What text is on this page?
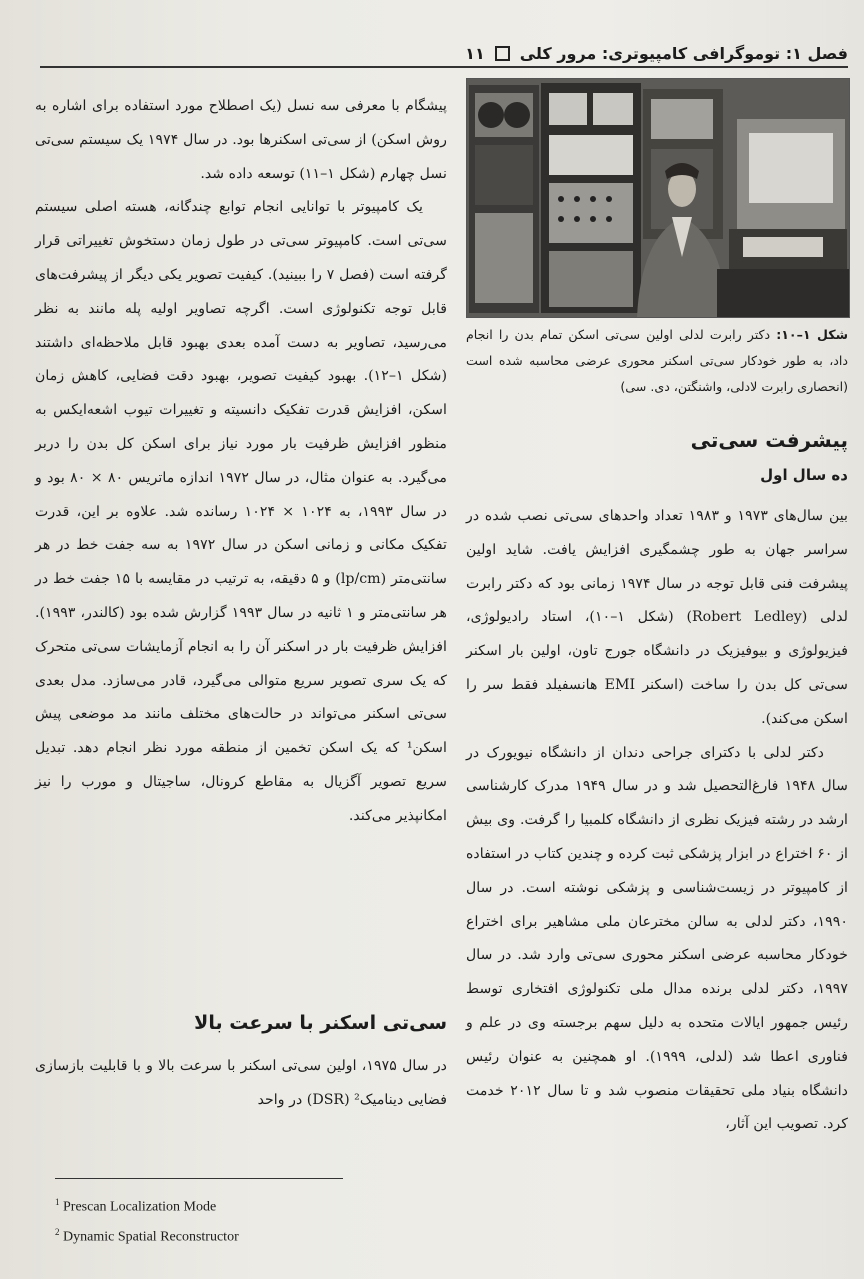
فصل ۱: توموگرافی کامپیوتری: مرور کلی
۱۱

پیشگام با معرفی سه نسل (یک اصطلاح مورد استفاده برای اشاره به روش اسکن) از سی‌تی اسکنرها بود. در سال ۱۹۷۴ یک سیستم سی‌تی نسل چهارم (شکل ۱–۱۱) توسعه داده شد.

یک کامپیوتر با توانایی انجام توابع چندگانه، هسته اصلی سیستم سی‌تی است. کامپیوتر سی‌تی در طول زمان دستخوش تغییراتی قرار گرفته است (فصل ۷ را ببینید). کیفیت تصویر یکی دیگر از پیشرفت‌های قابل توجه تکنولوژی است. اگرچه تصاویر اولیه پله مانند به نظر می‌رسید، تصاویر به دست آمده بعدی بهبود قابل ملاحظه‌ای داشتند (شکل ۱–۱۲). بهبود کیفیت تصویر، بهبود دقت فضایی، کاهش زمان اسکن، افزایش قدرت تفکیک دانسیته و تغییرات تیوب اشعه‌ایکس به منظور افزایش ظرفیت بار مورد نیاز برای اسکن کل بدن را دربر می‌گیرد. به عنوان مثال، در سال ۱۹۷۲ اندازه ماتریس ۸۰ × ۸۰ بود و در سال ۱۹۹۳، به ۱۰۲۴ × ۱۰۲۴ رسانده شد. علاوه بر این، قدرت تفکیک مکانی و زمانی اسکن در سال ۱۹۷۲ به سه جفت خط در هر سانتی‌متر (lp/cm) و ۵ دقیقه، به ترتیب در مقایسه با ۱۵ جفت خط در هر سانتی‌متر و ۱ ثانیه در سال ۱۹۹۳ گزارش شده بود (کالندر، ۱۹۹۳). افزایش ظرفیت بار در اسکنر آن را به انجام آزمایشات سی‌تی متحرک که یک سری تصویر سریع متوالی می‌گیرد، قادر می‌سازد. مدل بعدی سی‌تی اسکنر می‌تواند در حالت‌های مختلف مانند مد موضعی پیش اسکن¹ که یک اسکن تخمین از منطقه مورد نظر انجام دهد. تبدیل سریع تصویر آگزیال به مقاطع کرونال، ساجیتال و مورب را نیز امکانپذیر می‌کند.

سی‌تی اسکنر با سرعت بالا

در سال ۱۹۷۵، اولین سی‌تی اسکنر با سرعت بالا و با قابلیت بازسازی فضایی دینامیک² (DSR) در واحد

شکل ۱–۱۰: دکتر رابرت لدلی اولین سی‌تی اسکن تمام بدن را انجام داد، به طور خودکار سی‌تی اسکنر محوری عرضی محاسبه شده است (انحصاری رابرت لادلی، واشنگتن، دی. سی)
پیشرفت سی‌تی
ده سال اول

بین سال‌های ۱۹۷۳ و ۱۹۸۳ تعداد واحدهای سی‌تی نصب شده در سراسر جهان به طور چشمگیری افزایش یافت. شاید اولین پیشرفت فنی قابل توجه در سال ۱۹۷۴ زمانی بود که دکتر رابرت لدلی (Robert Ledley) (شکل ۱–۱۰)، استاد رادیولوژی، فیزیولوژی و بیوفیزیک در دانشگاه جورج تاون، اولین بار اسکنر سی‌تی کل بدن را ساخت (اسکنر EMI هانسفیلد فقط سر را اسکن می‌کند).

دکتر لدلی با دکترای جراحی دندان از دانشگاه نیویورک در سال ۱۹۴۸ فارغ‌التحصیل شد و در سال ۱۹۴۹ مدرک کارشناسی ارشد در رشته فیزیک نظری از دانشگاه کلمبیا را گرفت. وی بیش از ۶۰ اختراع در ابزار پزشکی ثبت کرده و چندین کتاب در استفاده از کامپیوتر در زیست‌شناسی و پزشکی نوشته است. در سال ۱۹۹۰، دکتر لدلی به سالن مخترعان ملی مشاهیر برای اختراع خودکار محاسبه عرضی اسکنر محوری سی‌تی وارد شد. در سال ۱۹۹۷، دکتر لدلی برنده مدال ملی تکنولوژی افتخاری توسط رئیس جمهور ایالات متحده به دلیل سهم برجسته وی در علم و فناوری اعطا شد (لدلی، ۱۹۹۹). او همچنین به عنوان رئیس دانشگاه بنیاد ملی تحقیقات منصوب شد و تا سال ۲۰۱۲ خدمت کرد. تصویب این آثار،

$^1$ Prescan Localization Mode
$^2$ Dynamic Spatial Reconstructor
